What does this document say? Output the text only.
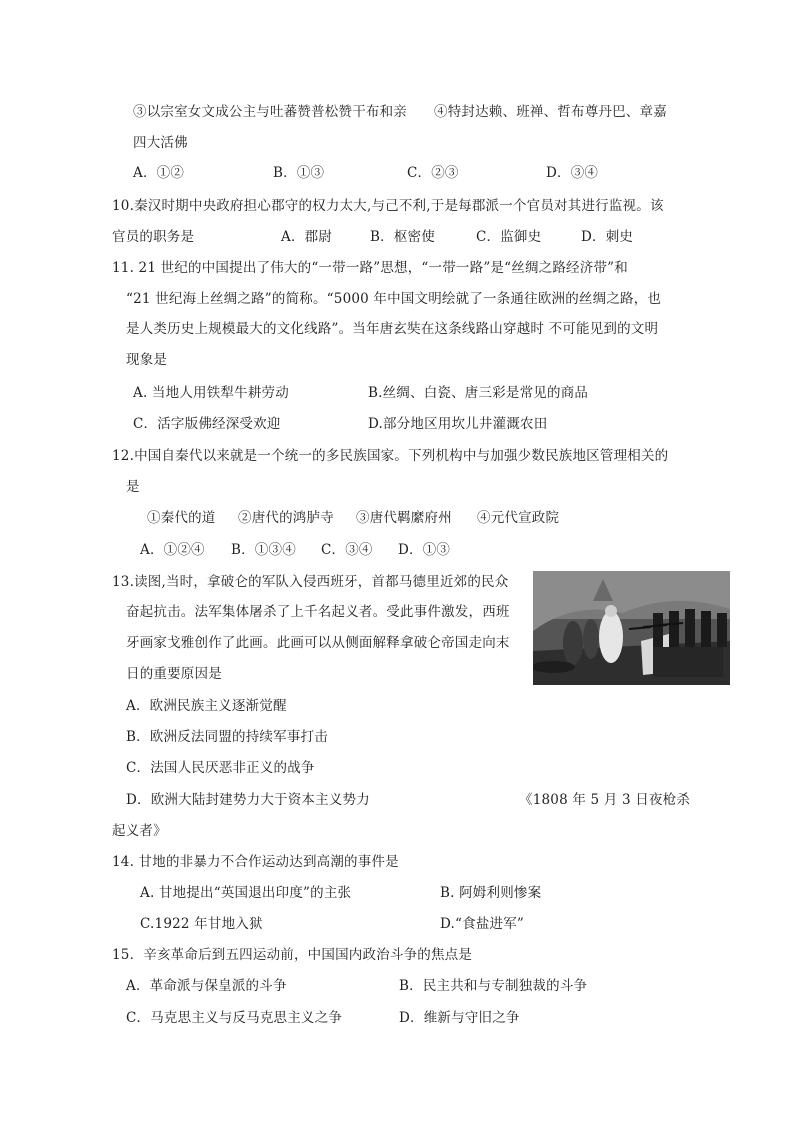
③以宗室女文成公主与吐蕃赞普松赞干布和亲 ④特封达赖、班禅、哲布尊丹巴、章嘉
四大活佛
A．①②	B．①③	C．②③	D．③④
10.秦汉时期中央政府担心郡守的权力太大,与己不利,于是每郡派一个官员对其进行监视。该
官员的职务是	A．郡尉	B．枢密使	C．监御史	D．刺史
11. 21 世纪的中国提出了伟大的“一带一路”思想，“一带一路”是“丝绸之路经济带”和
“21 世纪海上丝绸之路”的简称。“5000 年中国文明绘就了一条通往欧洲的丝绸之路，也
是人类历史上规模最大的文化线路”。当年唐玄奘在这条线路山穿越时 不可能见到的文明
现象是
A. 当地人用铁犁牛耕劳动	B.丝绸、白瓷、唐三彩是常见的商品
C．活字版佛经深受欢迎	D.部分地区用坎儿井灌溉农田
12.中国自秦代以来就是一个统一的多民族国家。下列机构中与加强少数民族地区管理相关的
是
①秦代的道 ②唐代的鸿胪寺 ③唐代羁縻府州 ④元代宣政院
A．①②④ B．①③④ C．③④ D．①③
13.读图,当时，拿破仑的军队入侵西班牙，首都马德里近郊的民众
奋起抗击。法军集体屠杀了上千名起义者。受此事件激发，西班
牙画家戈雅创作了此画。此画可以从侧面解释拿破仑帝国走向末
日的重要原因是
A．欧洲民族主义逐渐觉醒
B．欧洲反法同盟的持续军事打击
C．法国人民厌恶非正义的战争
D．欧洲大陆封建势力大于资本主义势力	《1808 年 5 月 3 日夜枪杀
起义者》
14. 甘地的非暴力不合作运动达到高潮的事件是
A. 甘地提出“英国退出印度”的主张	B. 阿姆利则惨案
C.1922 年甘地入狱	D.“食盐进军”
15．辛亥革命后到五四运动前，中国国内政治斗争的焦点是
A．革命派与保皇派的斗争	B．民主共和与专制独裁的斗争
C．马克思主义与反马克思主义之争	D．维新与守旧之争
